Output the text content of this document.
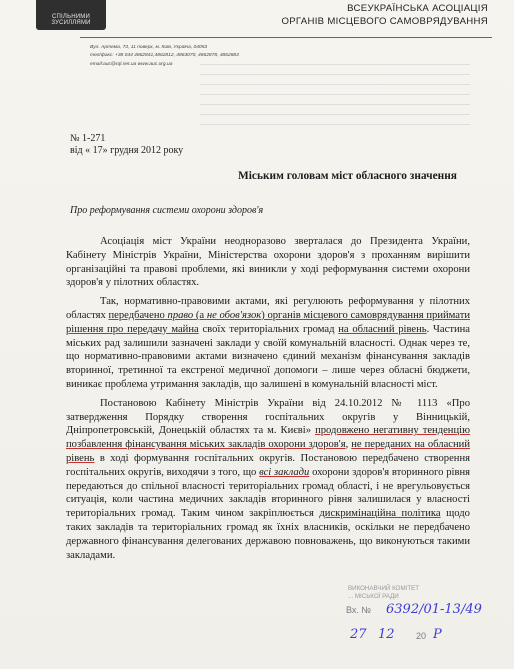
СПІЛЬНИМИ ЗУСИЛЛЯМИ
ВСЕУКРАЇНСЬКА АСОЦІАЦІЯ
ОРГАНІВ МІСЦЕВОГО САМОВРЯДУВАННЯ
Вул. Артема, 73, 11 поверх, м. Київ, Україна, 04053
тел/факс: +38 044 4862841,4862812, 4863070, 4862878, 4862883
email:auc@rql.net.ua www.auc.org.ua
№ 1-271
від « 17» грудня 2012 року
Міським головам міст обласного значення
Про реформування системи охорони здоров'я

Асоціація міст України неодноразово зверталася до Президента України, Кабінету Міністрів України, Міністерства охорони здоров'я з проханням вирішити організаційні та правові проблеми, які виникли у ході реформування системи охорони здоров'я у пілотних областях.

Так, нормативно-правовими актами, які регулюють реформування у пілотних областях передбачено право (а не обов'язок) органів місцевого самоврядування приймати рішення про передачу майна своїх територіальних громад на обласний рівень. Частина міських рад залишили зазначені заклади у своїй комунальній власності. Однак через те, що нормативно-правовими актами визначено єдиний механізм фінансування закладів вторинної, третинної та екстреної медичної допомоги – лише через обласні бюджети, виникає проблема утримання закладів, що залишені в комунальній власності міст.

Постановою Кабінету Міністрів України від 24.10.2012 № 1113 «Про затвердження Порядку створення госпітальних округів у Вінницькій, Дніпропетровській, Донецькій областях та м. Києві» продовжено негативну тенденцію позбавлення фінансування міських закладів охорони здоров'я, не переданих на обласний рівень в ході формування госпітальних округів. Постановою передбачено створення госпітальних округів, виходячи з того, що всі заклади охорони здоров'я вторинного рівня передаються до спільної власності територіальних громад області, і не врегульовується ситуація, коли частина медичних закладів вторинного рівня залишилася у власності територіальних громад. Таким чином закріплюється дискримінаційна політика щодо таких закладів та територіальних громад як їхніх власників, оскільки не передбачено державного фінансування делегованих державою повноважень, що виконуються такими закладами.

ВИКОНАВЧИЙ КОМІТЕТ
... МІСЬКОЇ РАДИ
Вх. № 6392/01-13/49
27 12 20 Р
